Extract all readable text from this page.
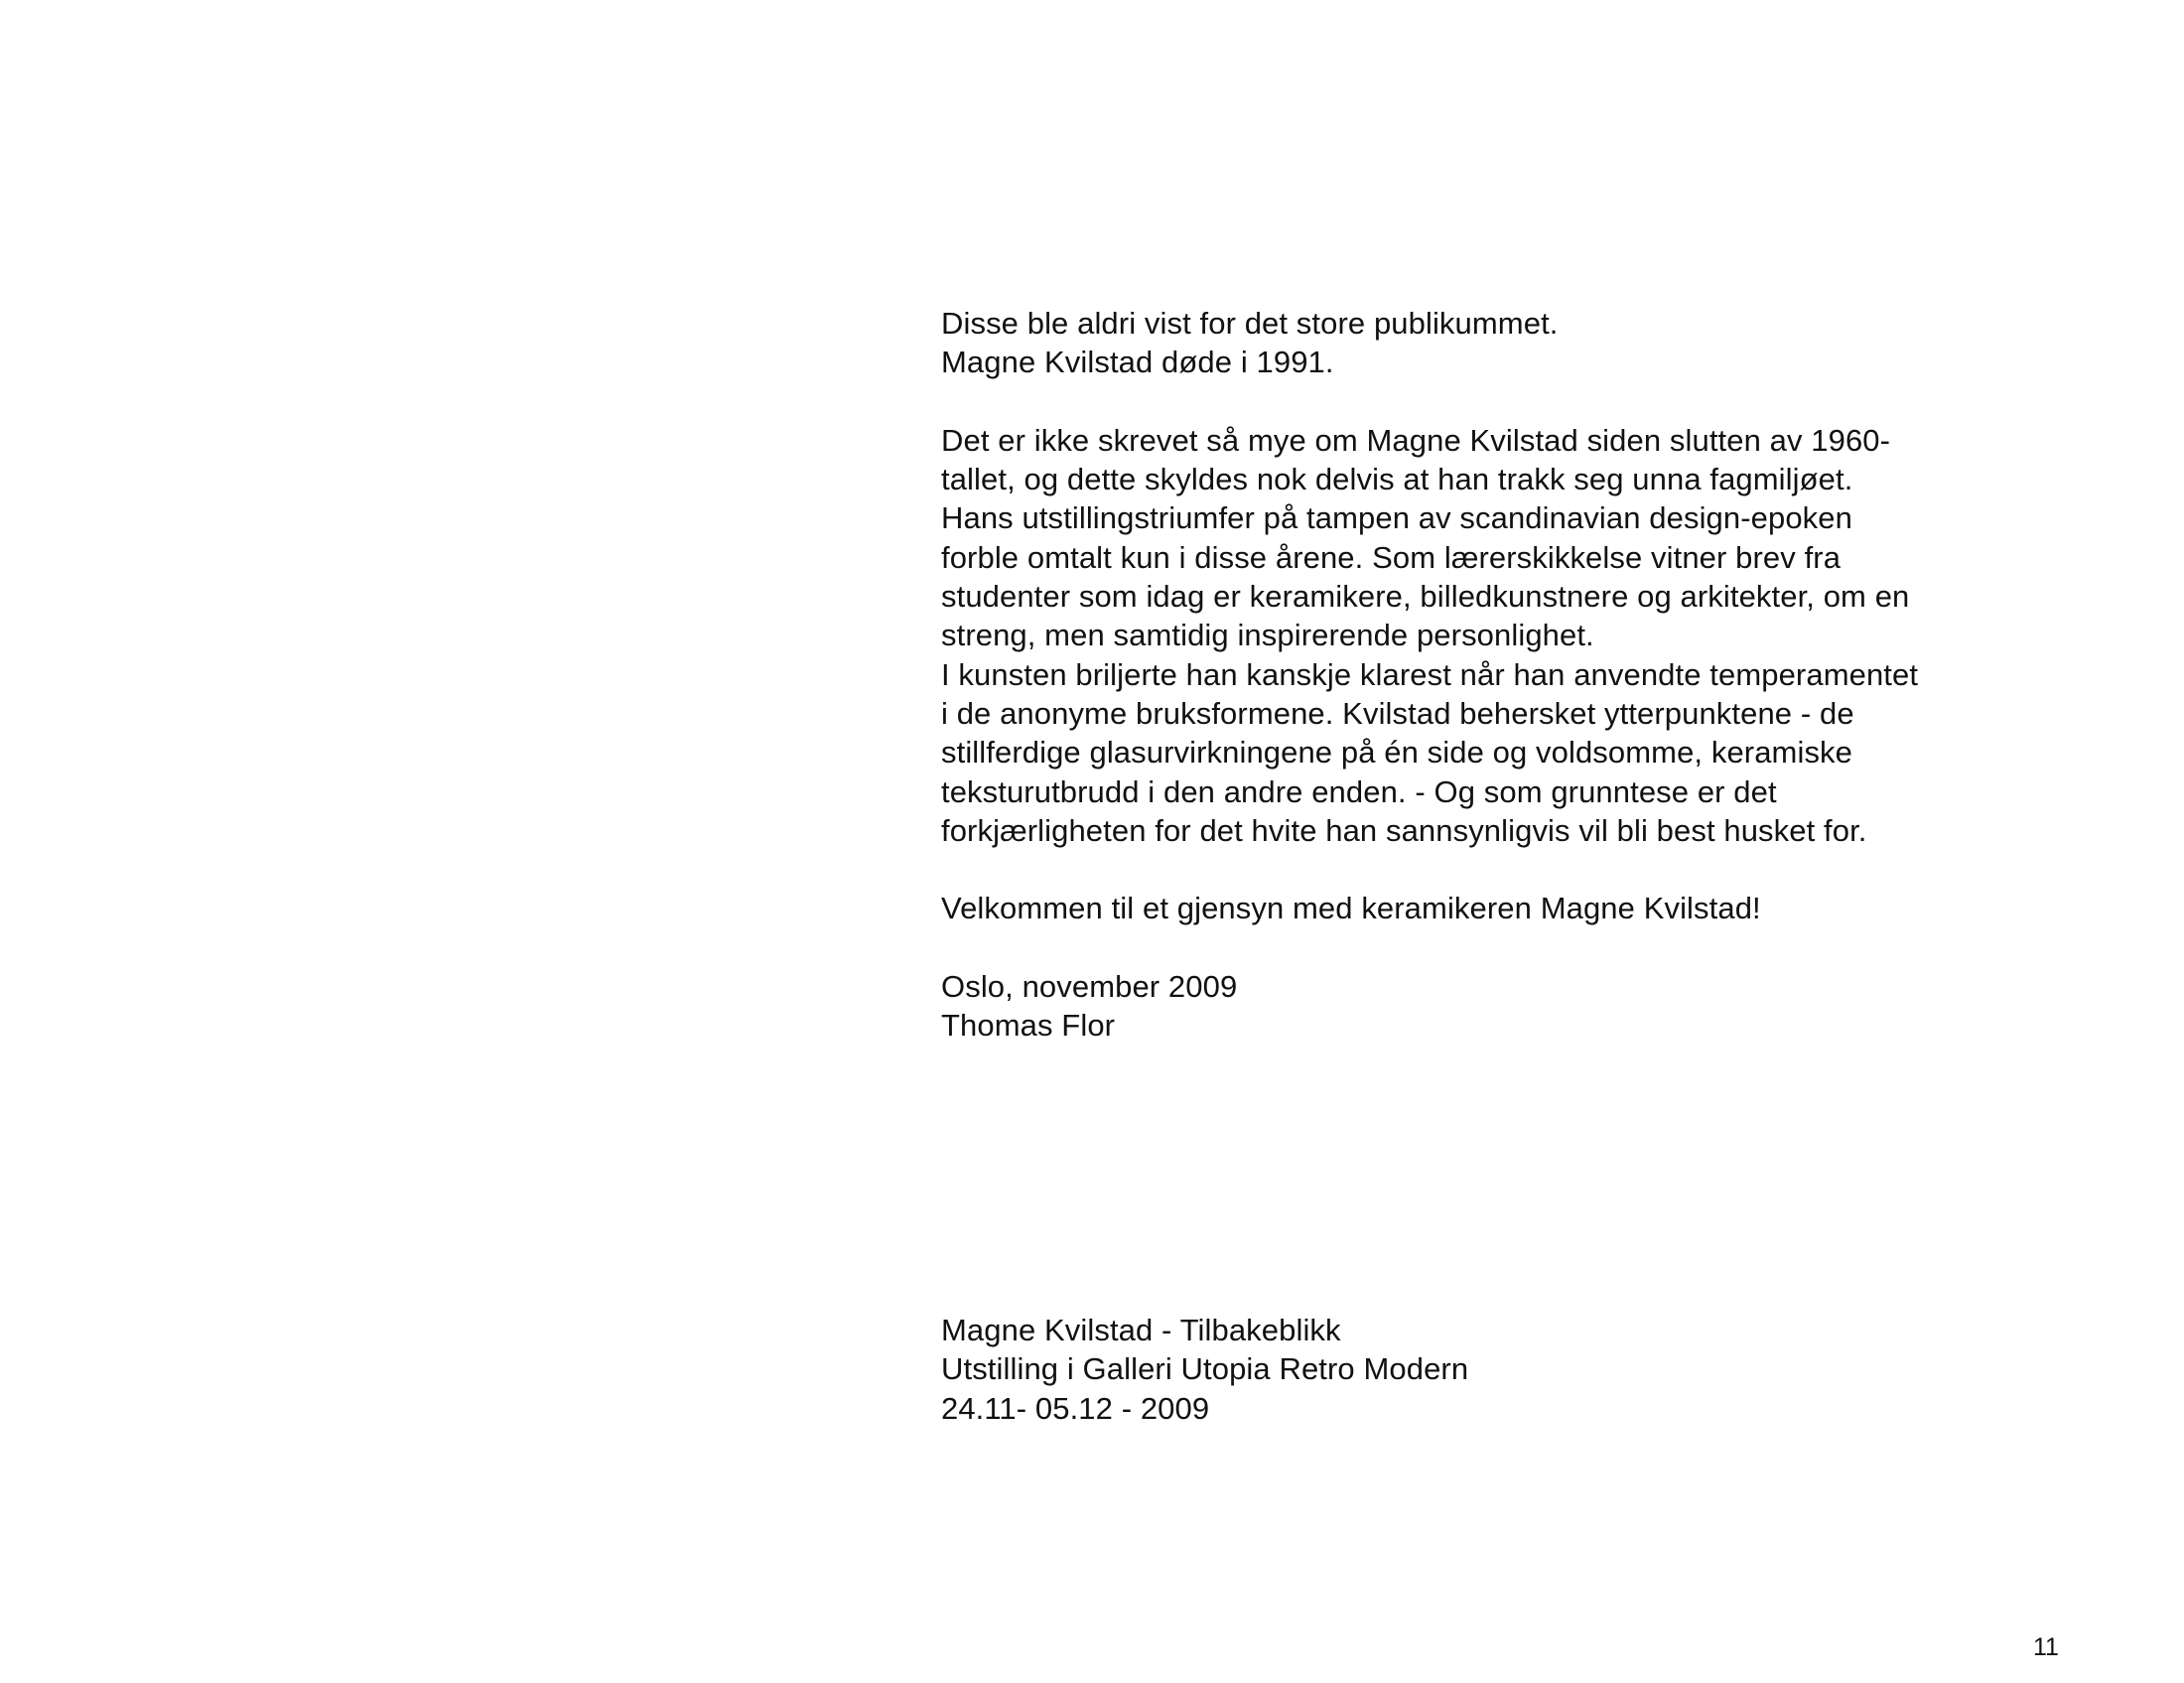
Disse ble aldri vist for det store publikummet.
Magne Kvilstad døde i 1991.
Det er ikke skrevet så mye om Magne Kvilstad siden slutten av 1960-
tallet, og dette skyldes nok delvis at han trakk seg unna fagmiljøet.
Hans utstillingstriumfer på tampen av scandinavian design-epoken
forble omtalt kun i disse årene. Som lærerskikkelse vitner brev fra
studenter som idag er keramikere, billedkunstnere og arkitekter, om en
streng, men samtidig inspirerende personlighet.
I kunsten briljerte han kanskje klarest når han anvendte temperamentet
i de anonyme bruksformene. Kvilstad behersket ytterpunktene - de
stillferdige glasurvirkningene på én side og voldsomme, keramiske
teksturutbrudd i den andre enden. - Og som grunntese er det
forkjærligheten for det hvite han sannsynligvis vil bli best husket for.
Velkommen til et gjensyn med keramikeren Magne Kvilstad!
Oslo, november 2009
Thomas Flor
Magne Kvilstad - Tilbakeblikk
Utstilling i Galleri Utopia Retro Modern
24.11- 05.12 - 2009
11
